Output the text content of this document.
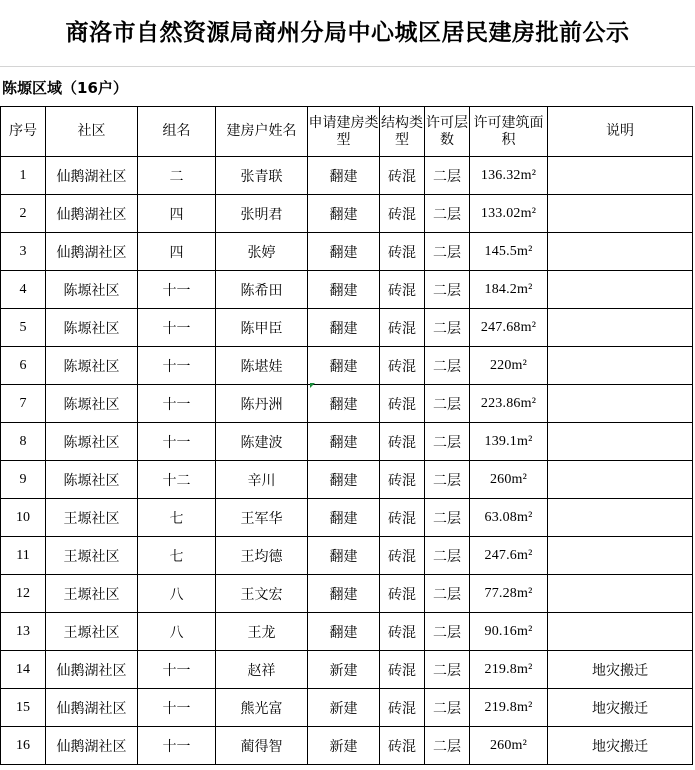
商洛市自然资源局商州分局中心城区居民建房批前公示
陈塬区域（16户）
序号	社区	组名	建房户姓名	申请建房类型	结构类型	许可层数	许可建筑面积	说明
1	仙鹅湖社区	二	张青联	翻建	砖混	二层	136.32m²	
2	仙鹅湖社区	四	张明君	翻建	砖混	二层	133.02m²	
3	仙鹅湖社区	四	张婷	翻建	砖混	二层	145.5m²	
4	陈塬社区	十一	陈希田	翻建	砖混	二层	184.2m²	
5	陈塬社区	十一	陈甲臣	翻建	砖混	二层	247.68m²	
6	陈塬社区	十一	陈堪娃	翻建	砖混	二层	220m²	
7	陈塬社区	十一	陈丹洲	翻建	砖混	二层	223.86m²	
8	陈塬社区	十一	陈建波	翻建	砖混	二层	139.1m²	
9	陈塬社区	十二	辛川	翻建	砖混	二层	260m²	
10	王塬社区	七	王军华	翻建	砖混	二层	63.08m²	
11	王塬社区	七	王均德	翻建	砖混	二层	247.6m²	
12	王塬社区	八	王文宏	翻建	砖混	二层	77.28m²	
13	王塬社区	八	王龙	翻建	砖混	二层	90.16m²	
14	仙鹅湖社区	十一	赵祥	新建	砖混	二层	219.8m²	地灾搬迁
15	仙鹅湖社区	十一	熊光富	新建	砖混	二层	219.8m²	地灾搬迁
16	仙鹅湖社区	十一	蔺得智	新建	砖混	二层	260m²	地灾搬迁
